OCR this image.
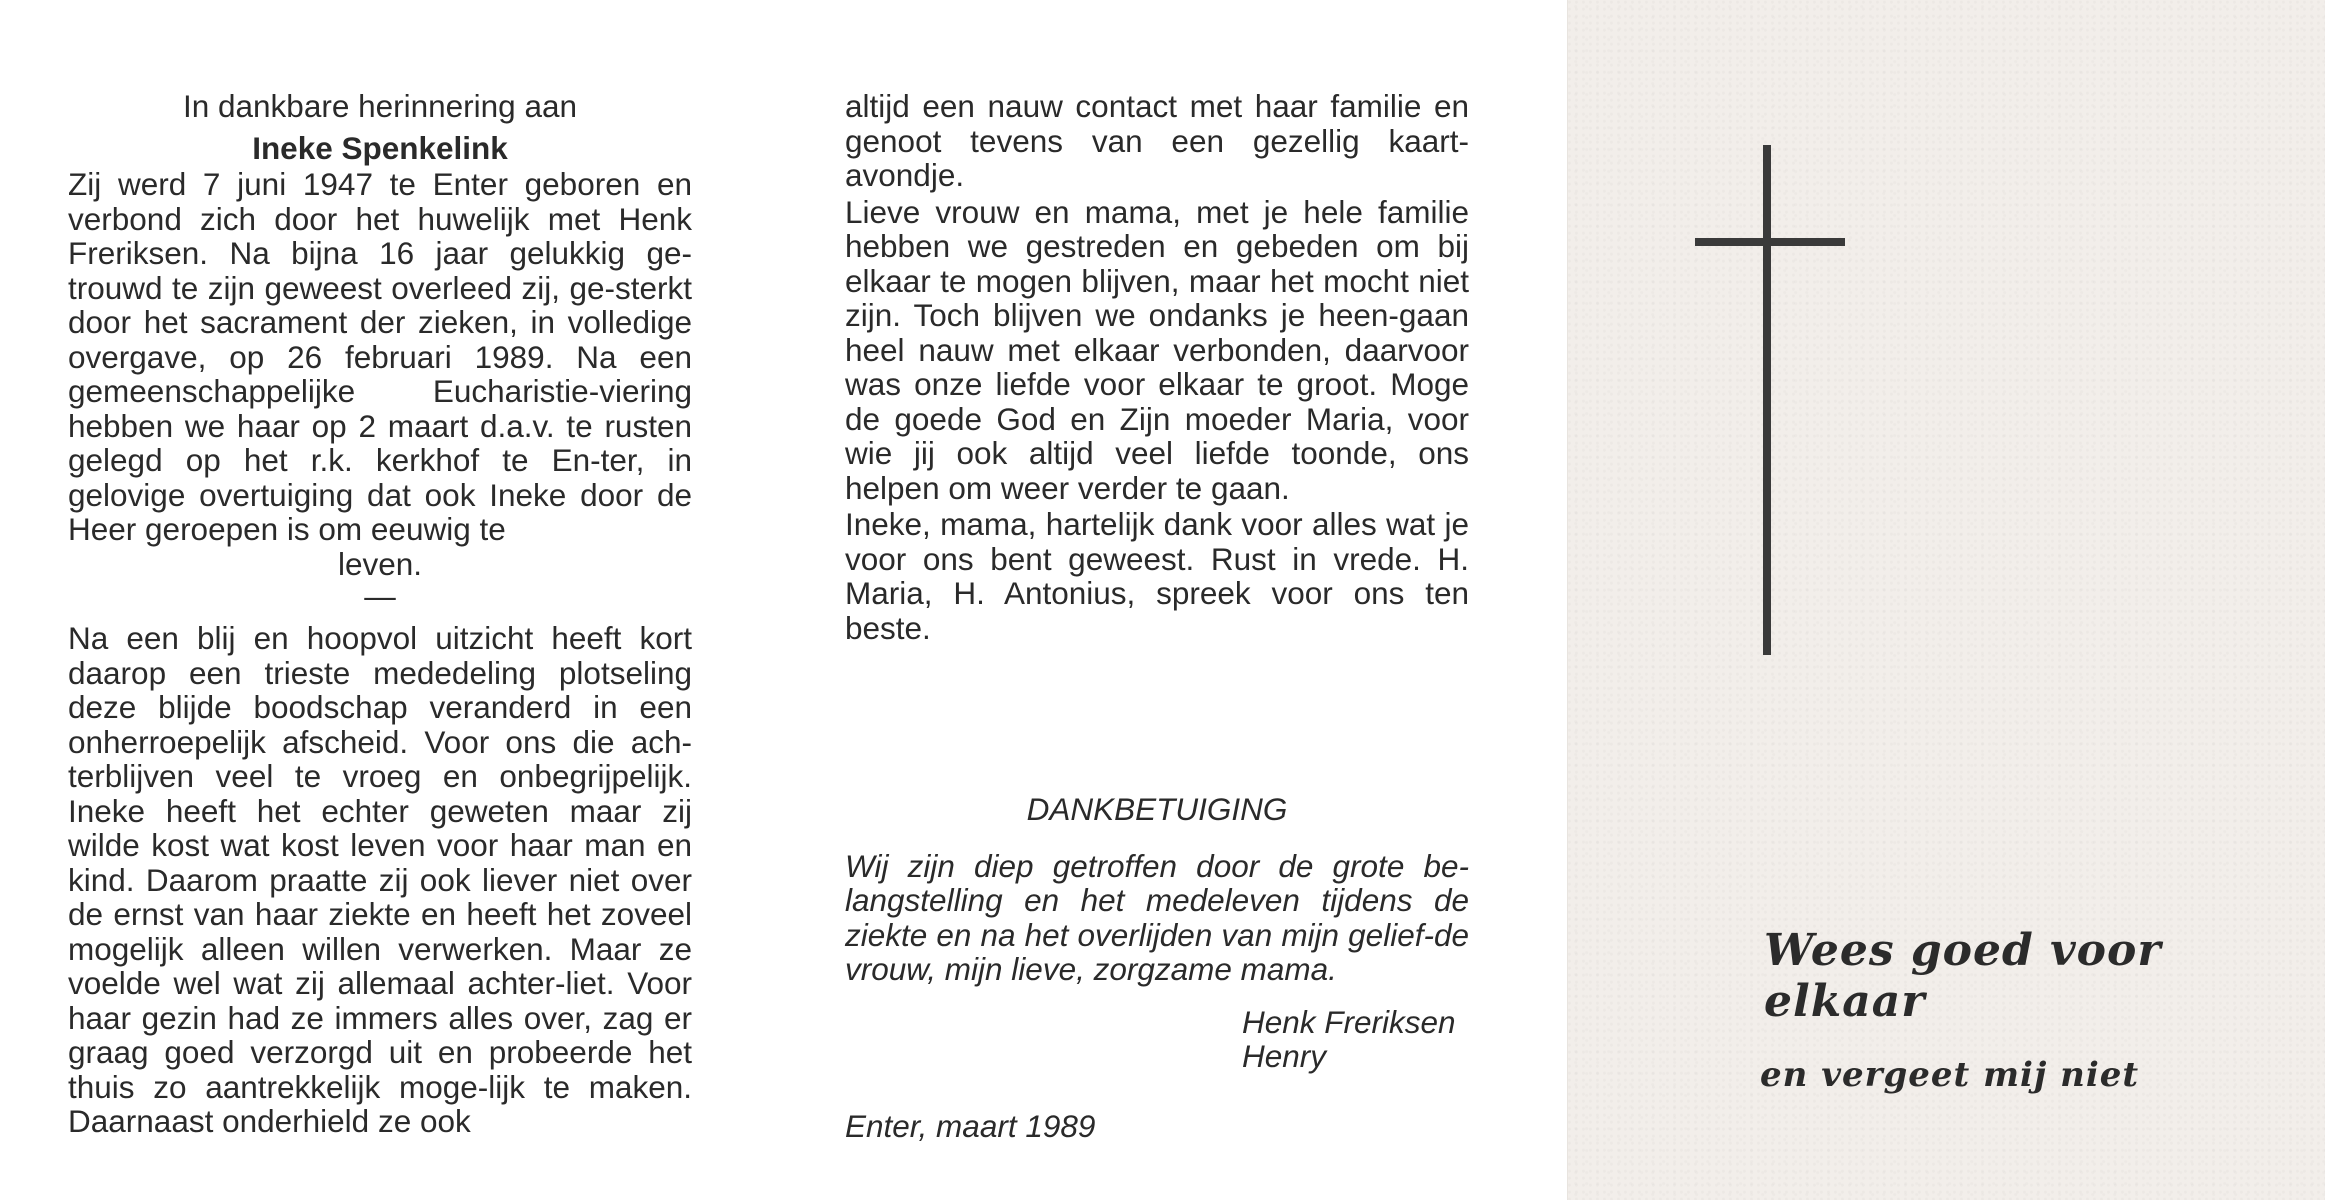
In dankbare herinnering aan
Ineke Spenkelink

Zij werd 7 juni 1947 te Enter geboren en verbond zich door het huwelijk met Henk Freriksen. Na bijna 16 jaar gelukkig ge-trouwd te zijn geweest overleed zij, ge-sterkt door het sacrament der zieken, in volledige overgave, op 26 februari 1989. Na een gemeenschappelijke Eucharistie-viering hebben we haar op 2 maart d.a.v. te rusten gelegd op het r.k. kerkhof te En-ter, in gelovige overtuiging dat ook Ineke door de Heer geroepen is om eeuwig te

leven.
—

Na een blij en hoopvol uitzicht heeft kort daarop een trieste mededeling plotseling deze blijde boodschap veranderd in een onherroepelijk afscheid. Voor ons die ach-terblijven veel te vroeg en onbegrijpelijk. Ineke heeft het echter geweten maar zij wilde kost wat kost leven voor haar man en kind. Daarom praatte zij ook liever niet over de ernst van haar ziekte en heeft het zoveel mogelijk alleen willen verwerken. Maar ze voelde wel wat zij allemaal achter-liet. Voor haar gezin had ze immers alles over, zag er graag goed verzorgd uit en probeerde het thuis zo aantrekkelijk moge-lijk te maken. Daarnaast onderhield ze ook

altijd een nauw contact met haar familie en genoot tevens van een gezellig kaart-avondje.

Lieve vrouw en mama, met je hele familie hebben we gestreden en gebeden om bij elkaar te mogen blijven, maar het mocht niet zijn. Toch blijven we ondanks je heen-gaan heel nauw met elkaar verbonden, daarvoor was onze liefde voor elkaar te groot. Moge de goede God en Zijn moeder Maria, voor wie jij ook altijd veel liefde toonde, ons helpen om weer verder te gaan.

Ineke, mama, hartelijk dank voor alles wat je voor ons bent geweest. Rust in vrede. H. Maria, H. Antonius, spreek voor ons ten beste.

DANKBETUIGING

Wij zijn diep getroffen door de grote be-langstelling en het medeleven tijdens de ziekte en na het overlijden van mijn gelief-de vrouw, mijn lieve, zorgzame mama.

Henk Freriksen
Henry
Enter, maart 1989
Wees goed voor elkaar
en vergeet mij niet
